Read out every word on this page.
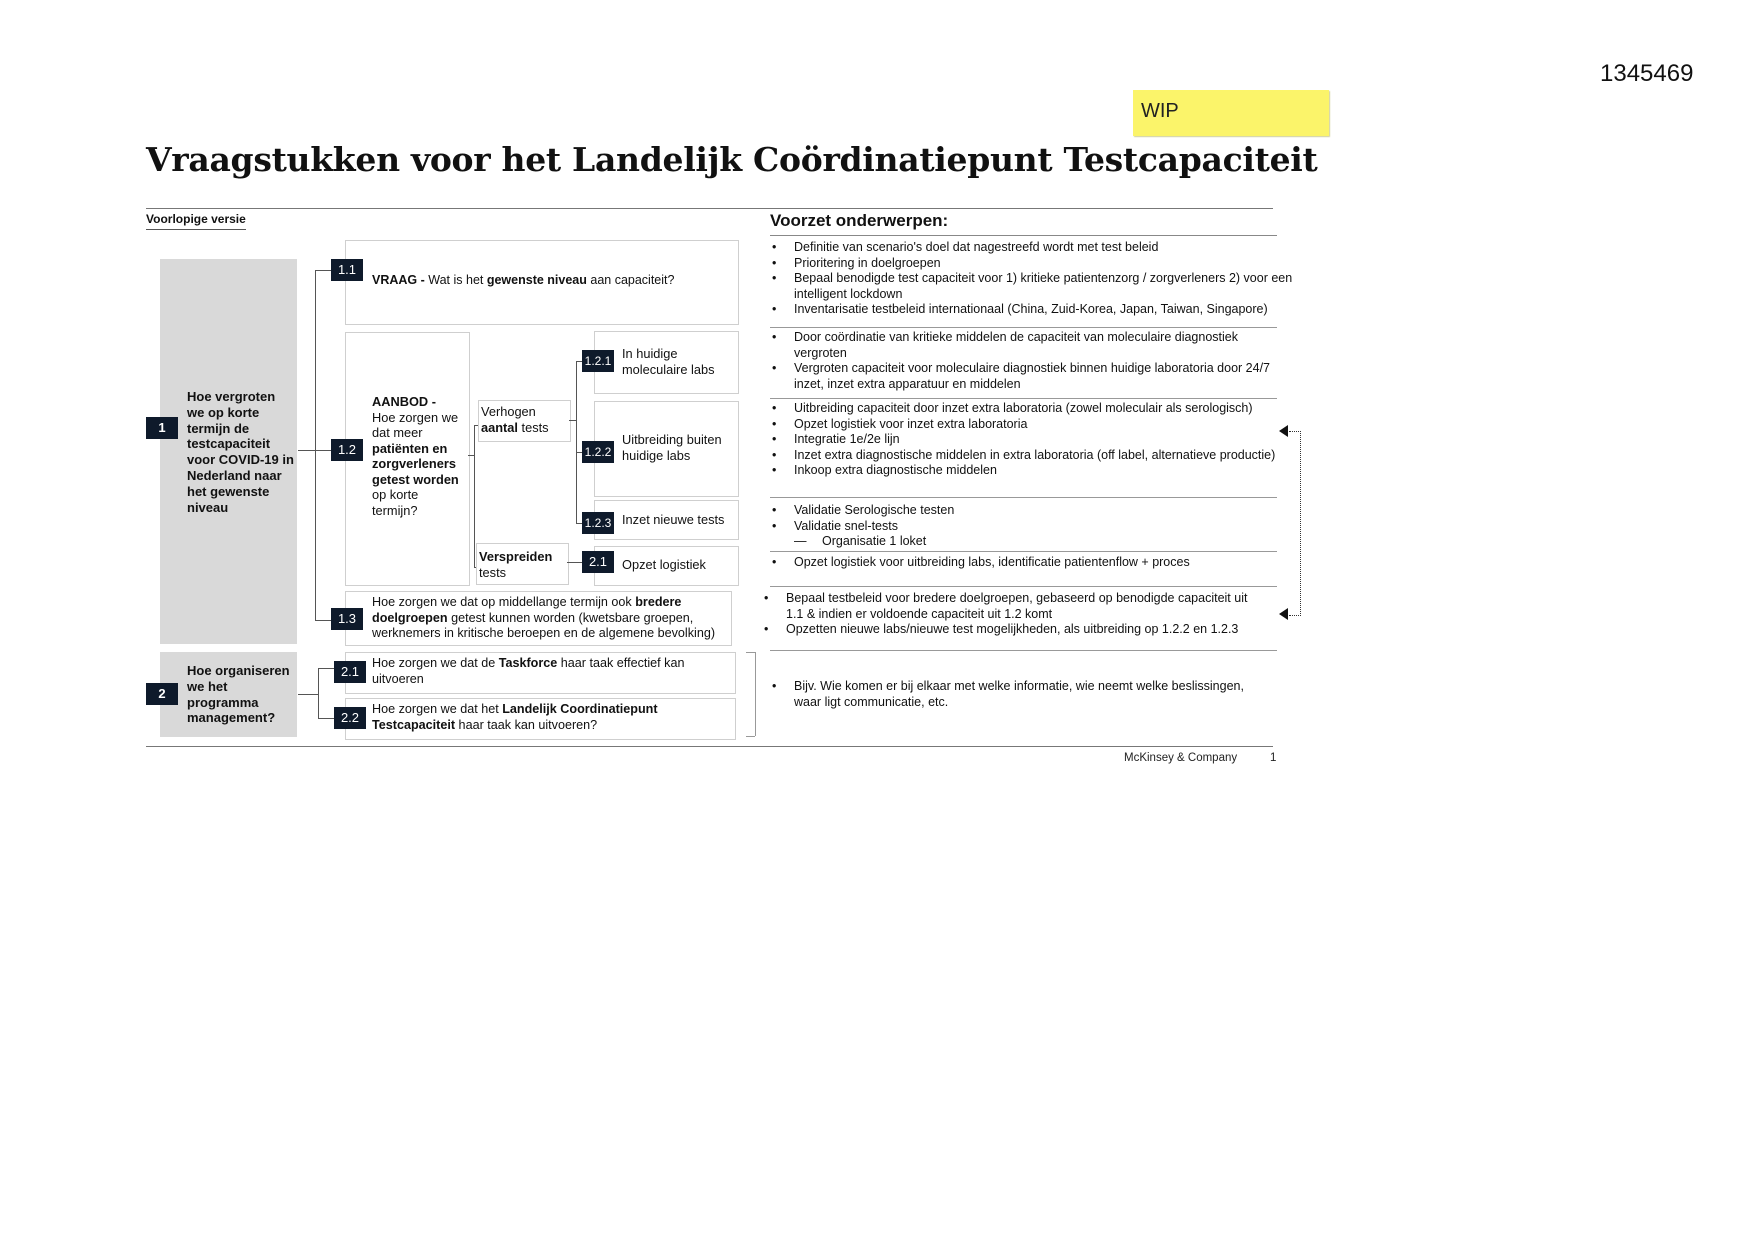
1345469
WIP
Vraagstukken voor het Landelijk Coördinatiepunt Testcapaciteit
Voorlopige versie
1
Hoe vergroten we op korte termijn de testcapaciteit voor COVID-19 in Nederland naar het gewenste niveau
2
Hoe organiseren we het programma management?
1.1
VRAAG - Wat is het gewenste niveau aan capaciteit?
1.2
AANBOD -
Hoe zorgen we dat meer patiënten en zorgverleners getest worden op korte termijn?
Verhogen aantal tests
Verspreiden
tests
1.2.1 In huidige moleculaire labs
1.2.2
Uitbreiding buiten huidige labs
1.2.3 Inzet nieuwe tests
2.1	Opzet logistiek
1.3
Hoe zorgen we dat op middellange termijn ook bredere doelgroepen getest kunnen worden (kwetsbare groepen, werknemers in kritische beroepen en de algemene bevolking)
2.1
Hoe zorgen we dat de Taskforce haar taak effectief kan uitvoeren
2.2
Hoe zorgen we dat het Landelijk Coordinatiepunt Testcapaciteit haar taak kan uitvoeren?
Voorzet onderwerpen:
• Definitie van scenario's doel dat nagestreefd wordt met test beleid
• Prioritering in doelgroepen
• Bepaal benodigde test capaciteit voor 1) kritieke patientenzorg / zorgverleners 2) voor een intelligent lockdown
• Inventarisatie testbeleid internationaal (China, Zuid-Korea, Japan, Taiwan, Singapore)
• Door coördinatie van kritieke middelen de capaciteit van moleculaire diagnostiek vergroten
• Vergroten capaciteit voor moleculaire diagnostiek binnen huidige laboratoria door 24/7 inzet, inzet extra apparatuur en middelen
• Uitbreiding capaciteit door inzet extra laboratoria (zowel moleculair als serologisch)
• Opzet logistiek voor inzet extra laboratoria
• Integratie 1e/2e lijn
• Inzet extra diagnostische middelen in extra laboratoria (off label, alternatieve productie)
• Inkoop extra diagnostische middelen
• Validatie Serologische testen
• Validatie snel-tests
— Organisatie 1 loket
• Opzet logistiek voor uitbreiding labs, identificatie patientenflow + proces
• Bepaal testbeleid voor bredere doelgroepen, gebaseerd op benodigde capaciteit uit 1.1 & indien er voldoende capaciteit uit 1.2 komt
• Opzetten nieuwe labs/nieuwe test mogelijkheden, als uitbreiding op 1.2.2 en 1.2.3
• Bijv. Wie komen er bij elkaar met welke informatie, wie neemt welke beslissingen, waar ligt communicatie, etc.
McKinsey & Company	1
